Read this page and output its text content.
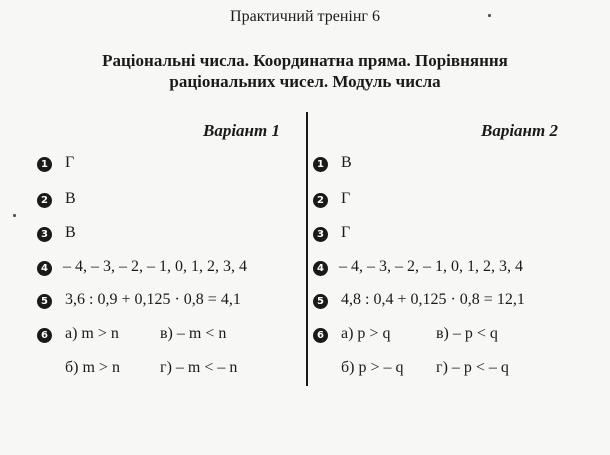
Практичний тренінг 6
Раціональні числа. Координатна пряма. Порівняння
раціональних чисел. Модуль числа
Варіант 1
1 Г
2 В
3 В
4 – 4, – 3, – 2, – 1, 0, 1, 2, 3, 4
5 3,6 : 0,9 + 0,125 · 0,8 = 4,1
6 а) m > n	в) – m < n
б) m > n	г) – m < – n
Варіант 2
1 В
2 Г
3 Г
4 – 4, – 3, – 2, – 1, 0, 1, 2, 3, 4
5 4,8 : 0,4 + 0,125 · 0,8 = 12,1
6 а) p > q	в) – p < q
б) p > – q г) – p < – q
